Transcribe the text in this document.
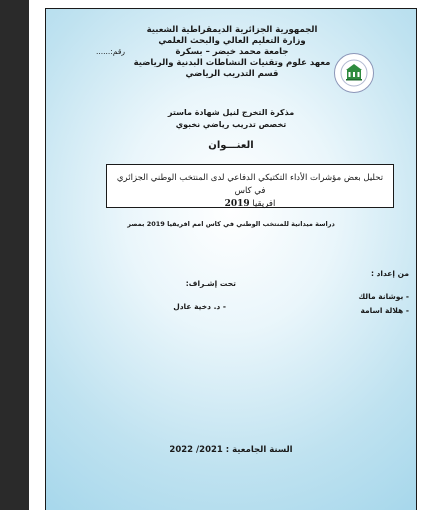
الجمهورية الجزائرية الديمقراطية الشعبية
وزارة التعليم العالي والبحث العلمي
جامعة محمد خيضر – بسكرة
معهد علوم وتقنيات النشاطات البدنية والرياضية
قسم التدريب الرياضي
رقم:......
مذكرة التخرج لنيل شهادة ماستر
تخصص تدريب رياضي نخبوي
العنـــوان
تحليل بعض مؤشرات الأداء التكتيكي الدفاعي لدى المنتخب الوطني الجزائري في كاس
افريقيا 2019
دراسة ميدانية للمنتخب الوطني في كاس امم افريقيا 2019 بمصر
من إعداد :
- بوشانة مالك
- هلالة اسامة
تحت إشـراف:
- د. دخية عادل
السنة الجامعية : 2021/ 2022
